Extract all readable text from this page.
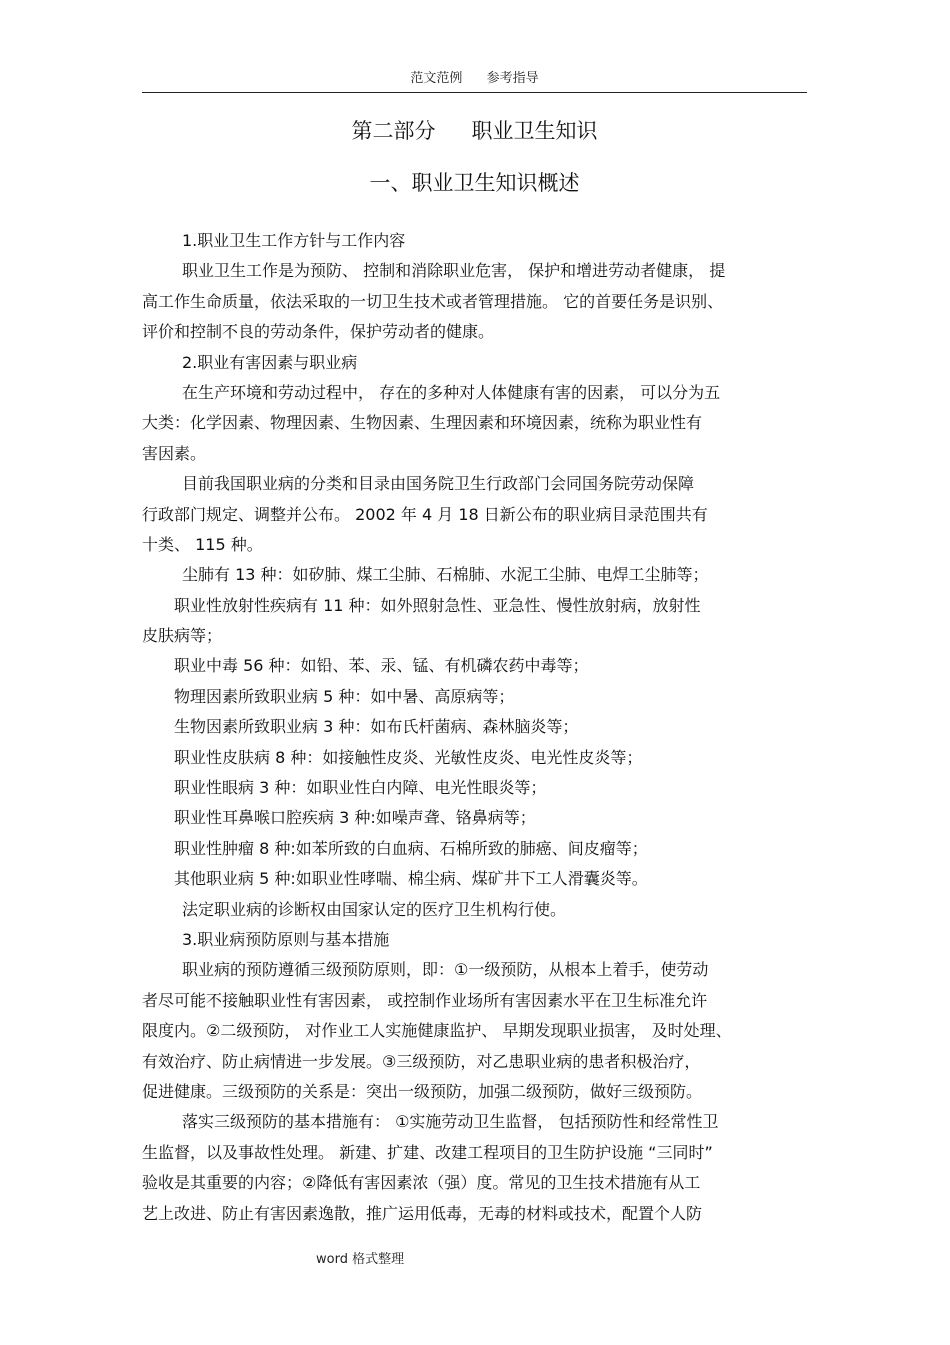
范文范例 参考指导
第二部分 职业卫生知识
一、职业卫生知识概述
1.职业卫生工作方针与工作内容
职业卫生工作是为预防、 控制和消除职业危害， 保护和增进劳动者健康， 提
高工作生命质量，依法采取的一切卫生技术或者管理措施。 它的首要任务是识别、
评价和控制不良的劳动条件，保护劳动者的健康。
2.职业有害因素与职业病
在生产环境和劳动过程中， 存在的多种对人体健康有害的因素， 可以分为五
大类：化学因素、物理因素、生物因素、生理因素和环境因素，统称为职业性有
害因素。
目前我国职业病的分类和目录由国务院卫生行政部门会同国务院劳动保障
行政部门规定、调整并公布。 2002 年 4 月 18 日新公布的职业病目录范围共有
十类、 115 种。
尘肺有 13 种：如矽肺、煤工尘肺、石棉肺、水泥工尘肺、电焊工尘肺等；
职业性放射性疾病有 11 种：如外照射急性、亚急性、慢性放射病，放射性
皮肤病等；
职业中毒 56 种：如铅、苯、汞、锰、有机磷农药中毒等；
物理因素所致职业病 5 种：如中暑、高原病等；
生物因素所致职业病 3 种：如布氏杆菌病、森林脑炎等；
职业性皮肤病 8 种：如接触性皮炎、光敏性皮炎、电光性皮炎等；
职业性眼病 3 种：如职业性白内障、电光性眼炎等；
职业性耳鼻喉口腔疾病 3 种:如噪声聋、铬鼻病等；
职业性肿瘤 8 种:如苯所致的白血病、石棉所致的肺癌、间皮瘤等；
其他职业病 5 种:如职业性哮喘、棉尘病、煤矿井下工人滑囊炎等。
法定职业病的诊断权由国家认定的医疗卫生机构行使。
3.职业病预防原则与基本措施
职业病的预防遵循三级预防原则，即：①一级预防，从根本上着手，使劳动
者尽可能不接触职业性有害因素， 或控制作业场所有害因素水平在卫生标准允许
限度内。②二级预防， 对作业工人实施健康监护、 早期发现职业损害， 及时处理、
有效治疗、防止病情进一步发展。③三级预防，对乙患职业病的患者积极治疗，
促进健康。三级预防的关系是：突出一级预防，加强二级预防，做好三级预防。
落实三级预防的基本措施有： ①实施劳动卫生监督， 包括预防性和经常性卫
生监督，以及事故性处理。 新建、扩建、改建工程项目的卫生防护设施 “三同时”
验收是其重要的内容；②降低有害因素浓（强）度。常见的卫生技术措施有从工
艺上改进、防止有害因素逸散，推广运用低毒，无毒的材料或技术，配置个人防
word 格式整理
